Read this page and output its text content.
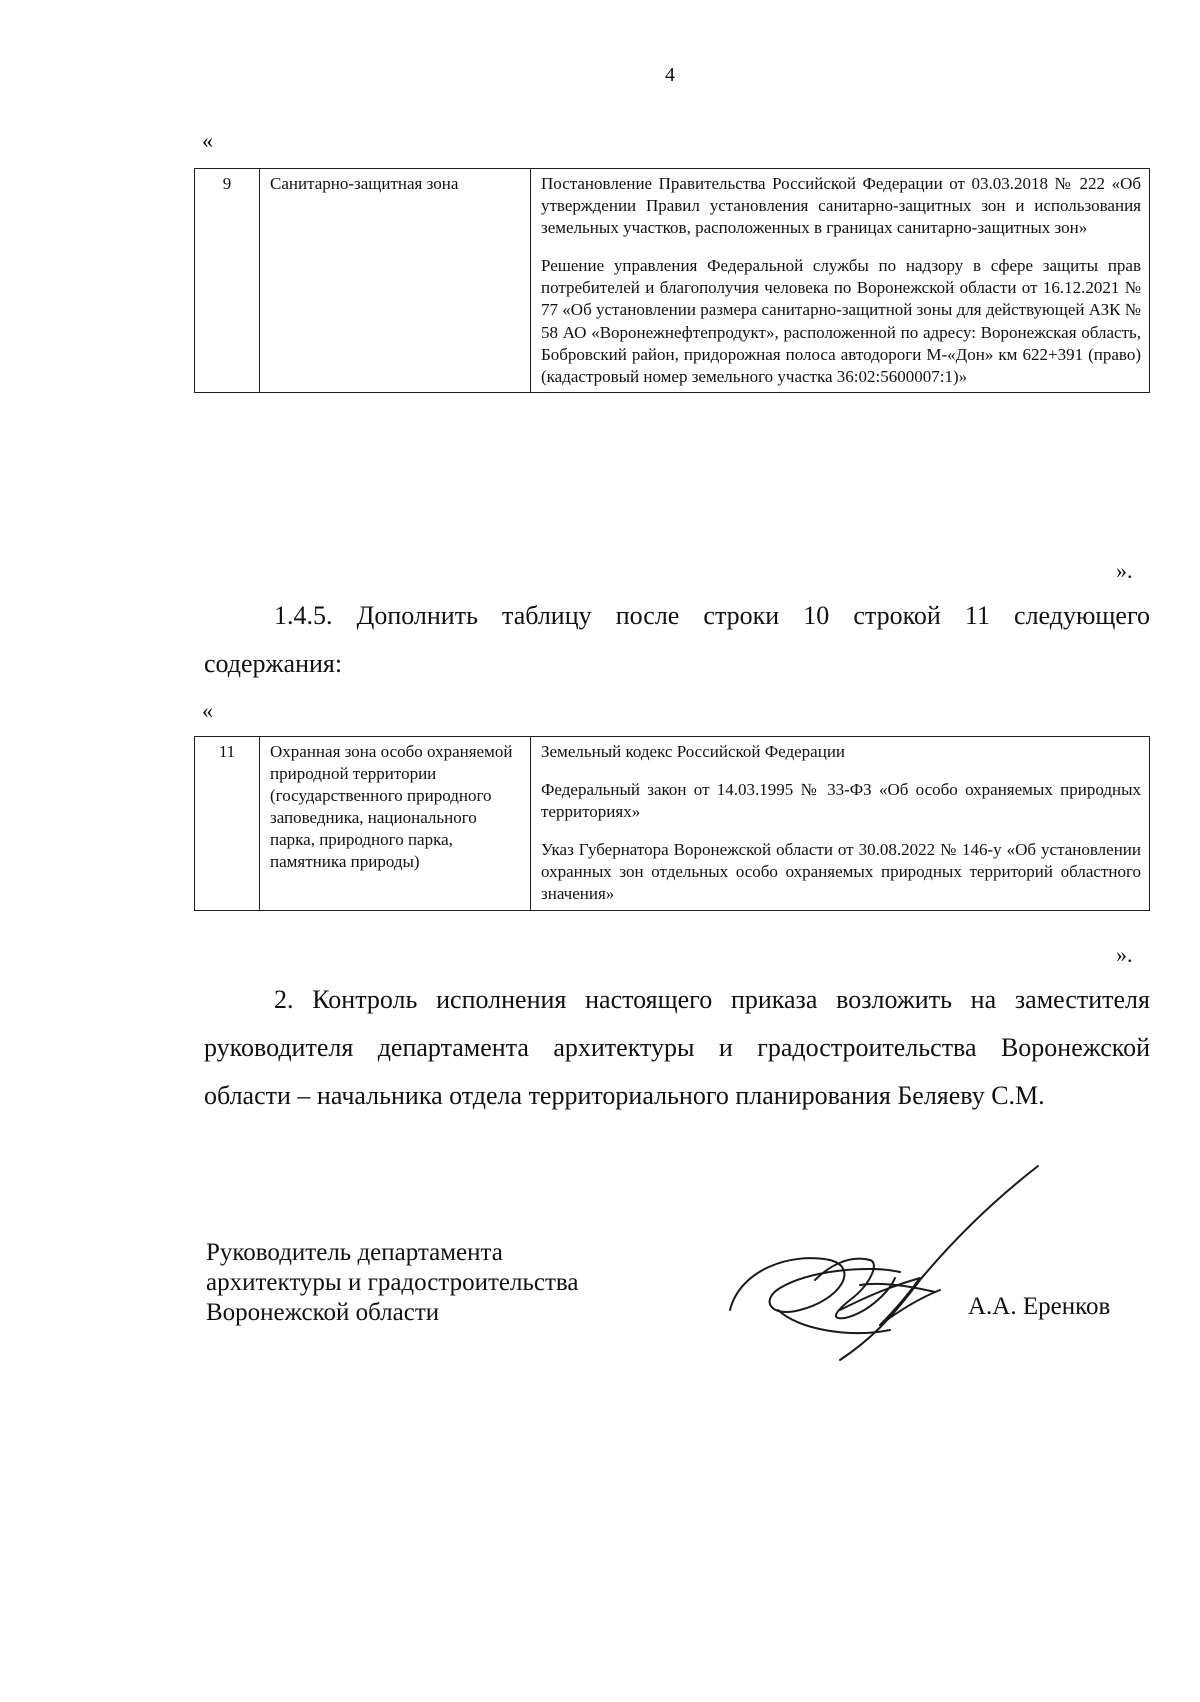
4
«
9	Санитарно-защитная зона	Постановление Правительства Российской Федерации от 03.03.2018 № 222 «Об утверждении Правил установления санитарно-защитных зон и использования земельных участков, расположенных в границах санитарно-защитных зон»

Решение управления Федеральной службы по надзору в сфере защиты прав потребителей и благополучия человека по Воронежской области от 16.12.2021 № 77 «Об установлении размера санитарно-защитной зоны для действующей АЗК № 58 АО «Воронежнефтепродукт», расположенной по адресу: Воронежская область, Бобровский район, придорожная полоса автодороги М-«Дон» км 622+391 (право) (кадастровый номер земельного участка 36:02:5600007:1)»

».
1.4.5. Дополнить таблицу после строки 10 строкой 11 следующего содержания:
«
11	Охранная зона особо охраняемой природной территории (государственного природного заповедника, национального парка, природного парка, памятника природы)	

Земельный кодекс Российской Федерации

Федеральный закон от 14.03.1995 № 33-ФЗ «Об особо охраняемых природных территориях»

Указ Губернатора Воронежской области от 30.08.2022 № 146-у «Об установлении охранных зон отдельных особо охраняемых природных территорий областного значения»

».
2. Контроль исполнения настоящего приказа возложить на заместителя руководителя департамента архитектуры и градостроительства Воронежской области – начальника отдела территориального планирования Беляеву С.М.
Руководитель департамента
архитектуры и градостроительства
Воронежской области	А.А. Еренков
